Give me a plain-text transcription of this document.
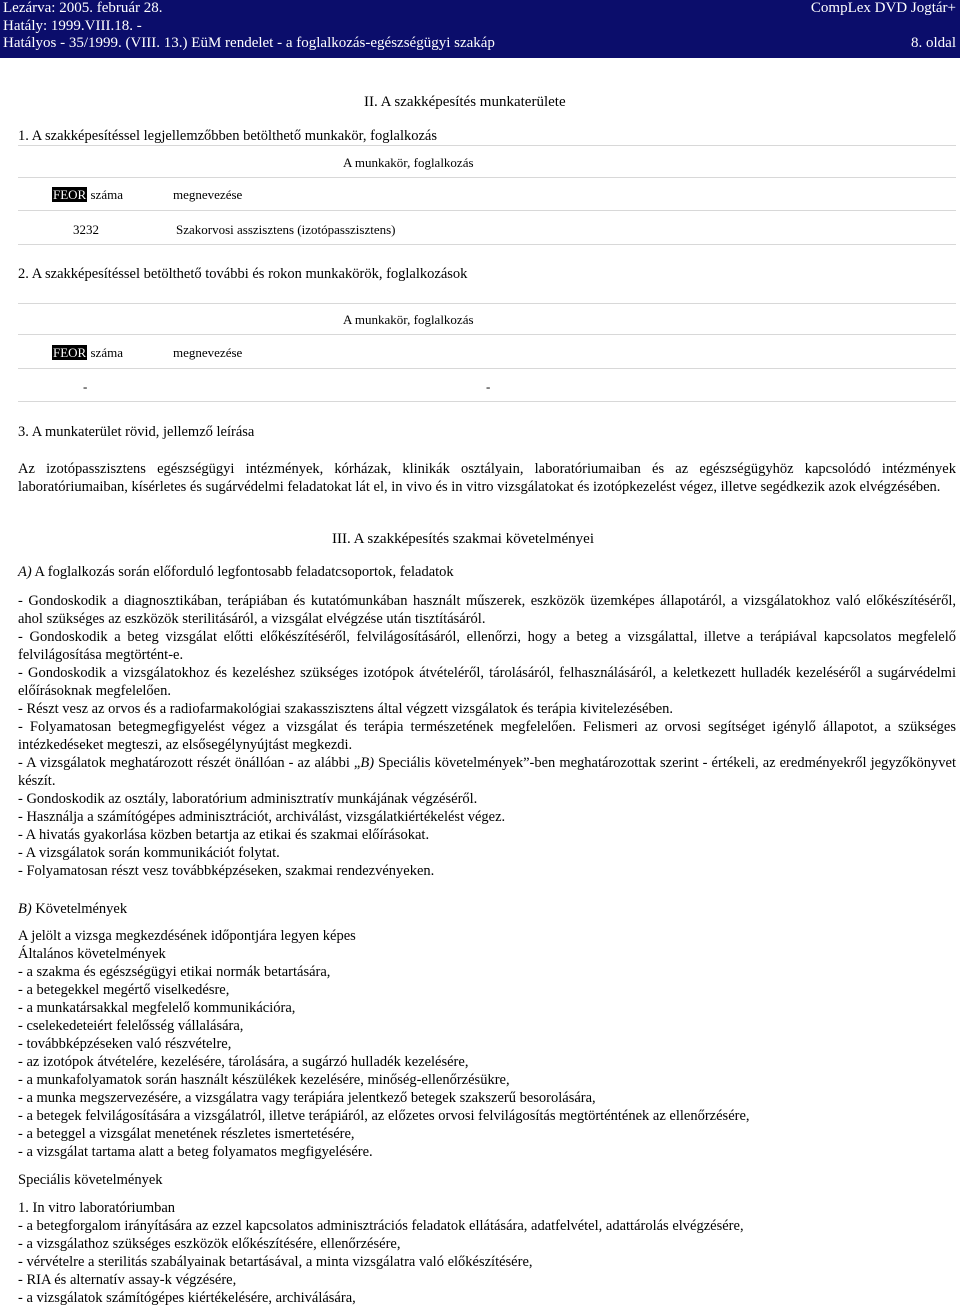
Lezárva: 2005. február 28.
Hatály: 1999.VIII.18. -
Hatályos - 35/1999. (VIII. 13.) EüM rendelet - a foglalkozás-egészségügyi szakáp
CompLex DVD Jogtár+
8. oldal
II. A szakképesítés munkaterülete
1. A szakképesítéssel legjellemzőbben betölthető munkakör, foglalkozás
A munkakör, foglalkozás
FEOR száma	megnevezése
3232	Szakorvosi asszisztens (izotópasszisztens)
2. A szakképesítéssel betölthető további és rokon munkakörök, foglalkozások
A munkakör, foglalkozás
FEOR száma	megnevezése
-	-
3. A munkaterület rövid, jellemző leírása
Az izotópasszisztens egészségügyi intézmények, kórházak, klinikák osztályain, laboratóriumaiban és az egészségügyhöz kapcsolódó intézmények laboratóriumaiban, kísérletes és sugárvédelmi feladatokat lát el, in vivo és in vitro vizsgálatokat és izotópkezelést végez, illetve segédkezik azok elvégzésében.
III. A szakképesítés szakmai követelményei
A) A foglalkozás során előforduló legfontosabb feladatcsoportok, feladatok
- Gondoskodik a diagnosztikában, terápiában és kutatómunkában használt műszerek, eszközök üzemképes állapotáról, a vizsgálatokhoz való előkészítéséről, ahol szükséges az eszközök sterilitásáról, a vizsgálat elvégzése után tisztításáról.
- Gondoskodik a beteg vizsgálat előtti előkészítéséről, felvilágosításáról, ellenőrzi, hogy a beteg a vizsgálattal, illetve a terápiával kapcsolatos megfelelő felvilágosítása megtörtént-e.
- Gondoskodik a vizsgálatokhoz és kezeléshez szükséges izotópok átvételéről, tárolásáról, felhasználásáról, a keletkezett hulladék kezeléséről a sugárvédelmi előírásoknak megfelelően.
- Részt vesz az orvos és a radiofarmakológiai szakasszisztens által végzett vizsgálatok és terápia kivitelezésében.
- Folyamatosan betegmegfigyelést végez a vizsgálat és terápia természetének megfelelően. Felismeri az orvosi segítséget igénylő állapotot, a szükséges intézkedéseket megteszi, az elsősegélynyújtást megkezdi.
- A vizsgálatok meghatározott részét önállóan - az alábbi „B) Speciális követelmények”-ben meghatározottak szerint - értékeli, az eredményekről jegyzőkönyvet készít.
- Gondoskodik az osztály, laboratórium adminisztratív munkájának végzéséről.
- Használja a számítógépes adminisztrációt, archiválást, vizsgálatkiértékelést végez.
- A hivatás gyakorlása közben betartja az etikai és szakmai előírásokat.
- A vizsgálatok során kommunikációt folytat.
- Folyamatosan részt vesz továbbképzéseken, szakmai rendezvényeken.
B) Követelmények
A jelölt a vizsga megkezdésének időpontjára legyen képes
Általános követelmények
- a szakma és egészségügyi etikai normák betartására,
- a betegekkel megértő viselkedésre,
- a munkatársakkal megfelelő kommunikációra,
- cselekedeteiért felelősség vállalására,
- továbbképzéseken való részvételre,
- az izotópok átvételére, kezelésére, tárolására, a sugárzó hulladék kezelésére,
- a munkafolyamatok során használt készülékek kezelésére, minőség-ellenőrzésükre,
- a munka megszervezésére, a vizsgálatra vagy terápiára jelentkező betegek szakszerű besorolására,
- a betegek felvilágosítására a vizsgálatról, illetve terápiáról, az előzetes orvosi felvilágosítás megtörténtének az ellenőrzésére,
- a beteggel a vizsgálat menetének részletes ismertetésére,
- a vizsgálat tartama alatt a beteg folyamatos megfigyelésére.
Speciális követelmények
1. In vitro laboratóriumban
- a betegforgalom irányítására az ezzel kapcsolatos adminisztrációs feladatok ellátására, adatfelvétel, adattárolás elvégzésére,
- a vizsgálathoz szükséges eszközök előkészítésére, ellenőrzésére,
- vérvételre a sterilitás szabályainak betartásával, a minta vizsgálatra való előkészítésére,
- RIA és alternatív assay-k végzésére,
- a vizsgálatok számítógépes kiértékelésére, archiválására,
